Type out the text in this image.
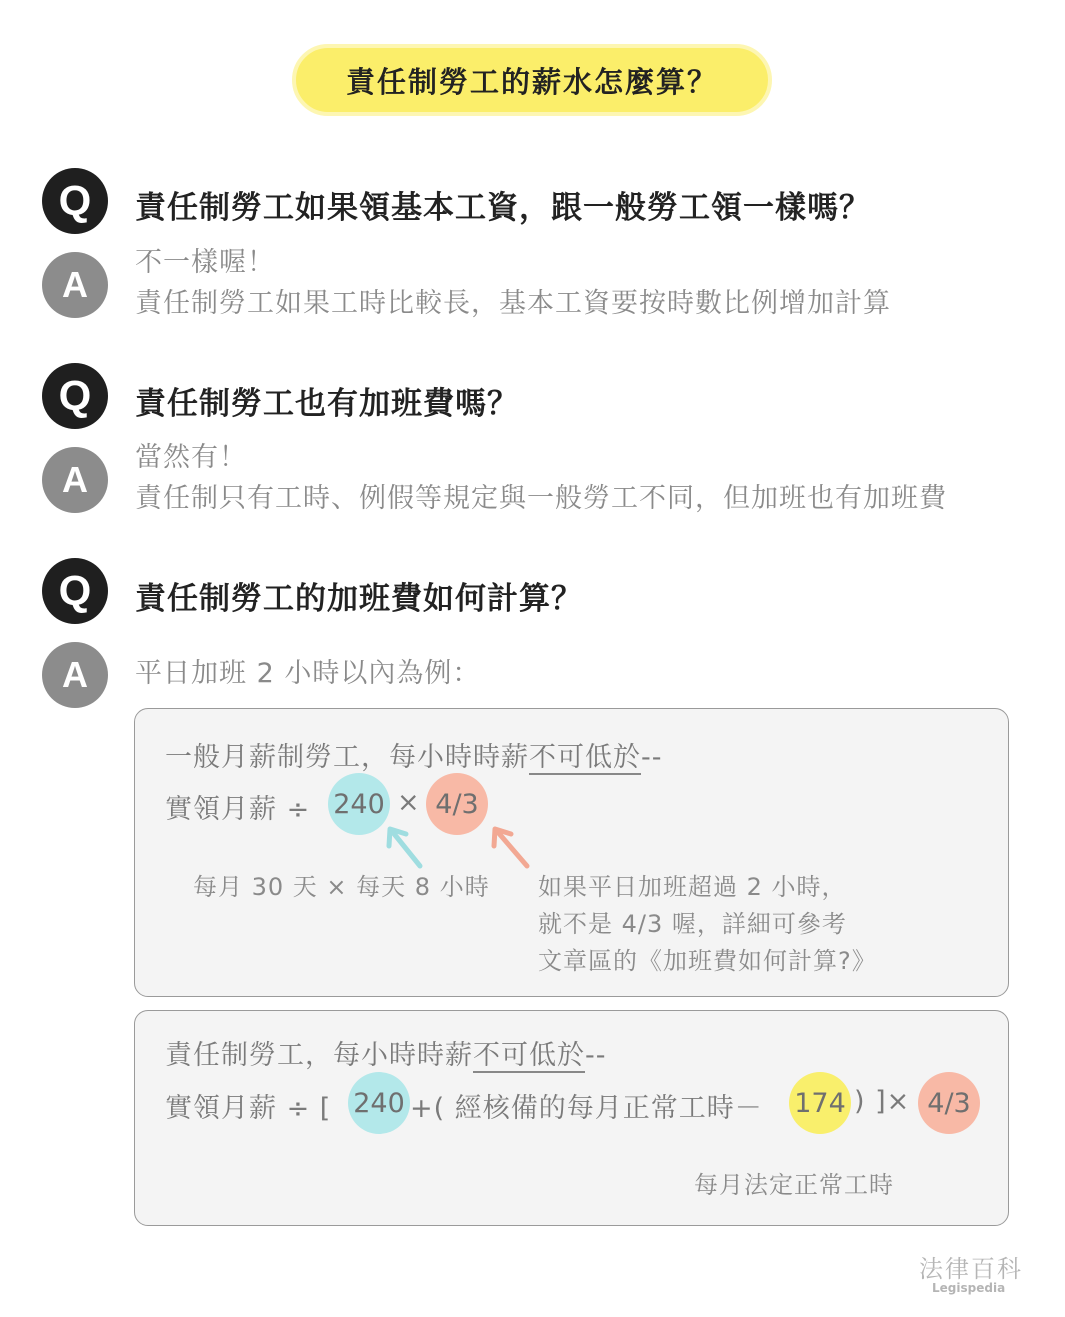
責任制勞工的薪水怎麼算？
Q	責任制勞工如果領基本工資，跟一般勞工領一樣嗎？
A
不一樣喔！
責任制勞工如果工時比較長，基本工資要按時數比例增加計算
Q	責任制勞工也有加班費嗎？
A
當然有！
責任制只有工時、例假等規定與一般勞工不同，但加班也有加班費
Q	責任制勞工的加班費如何計算？
A	平日加班 2 小時以內為例：
一般月薪制勞工，每小時時薪不可低於--
實領月薪 ÷ 240 × 4/3
每月 30 天 × 每天 8 小時 如果平日加班超過 2 小時，
就不是 4/3 喔，詳細可參考
文章區的《加班費如何計算?》
責任制勞工，每小時時薪不可低於--
實領月薪 ÷ [ 240 +( 經核備的每月正常工時－ 174 ) ]× 4/3
每月法定正常工時
法律百科
Legispedia
